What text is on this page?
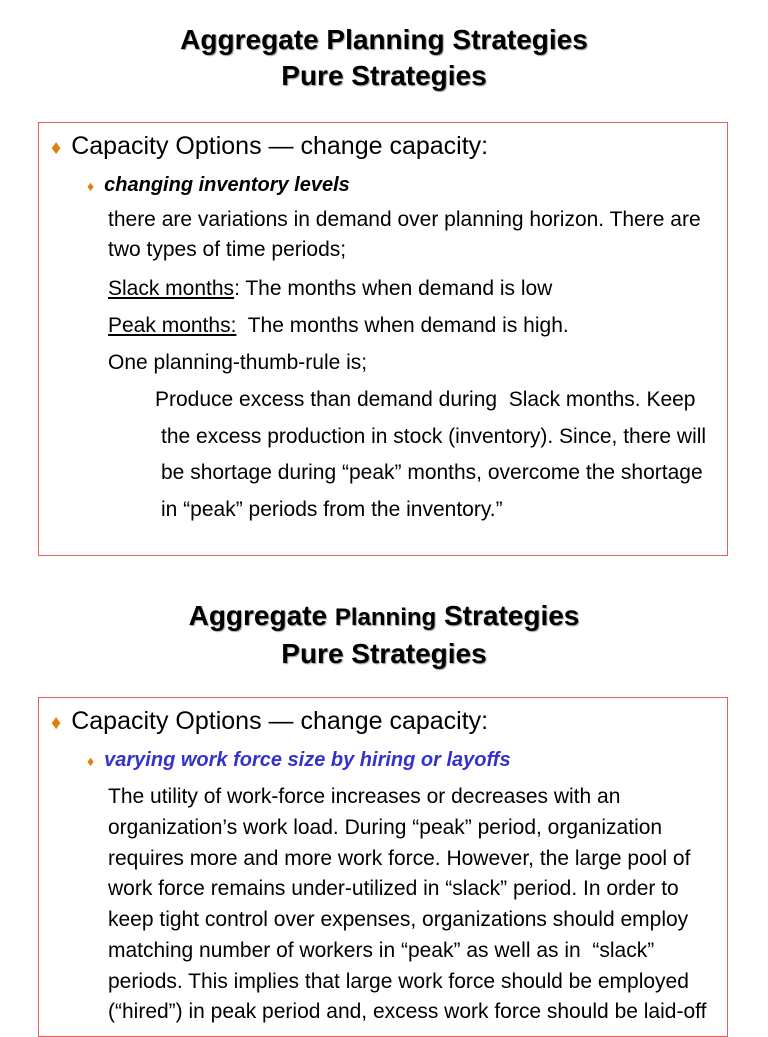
Aggregate Planning Strategies
Pure Strategies
♦ Capacity Options — change capacity:
♦ changing inventory levels
there are variations in demand over planning horizon. There are
two types of time periods;
Slack months: The months when demand is low
Peak months:  The months when demand is high.
One planning-thumb-rule is;
Produce excess than demand during  Slack months. Keep
the excess production in stock (inventory). Since, there will
be shortage during “peak” months, overcome the shortage
in “peak” periods from the inventory.”
Aggregate Planning Strategies
Pure Strategies
♦ Capacity Options — change capacity:
♦ varying work force size by hiring or layoffs
The utility of work-force increases or decreases with an
organization’s work load. During “peak” period, organization
requires more and more work force. However, the large pool of
work force remains under-utilized in “slack” period. In order to
keep tight control over expenses, organizations should employ
matching number of workers in “peak” as well as in  “slack”
periods. This implies that large work force should be employed
(“hired”) in peak period and, excess work force should be laid-off
